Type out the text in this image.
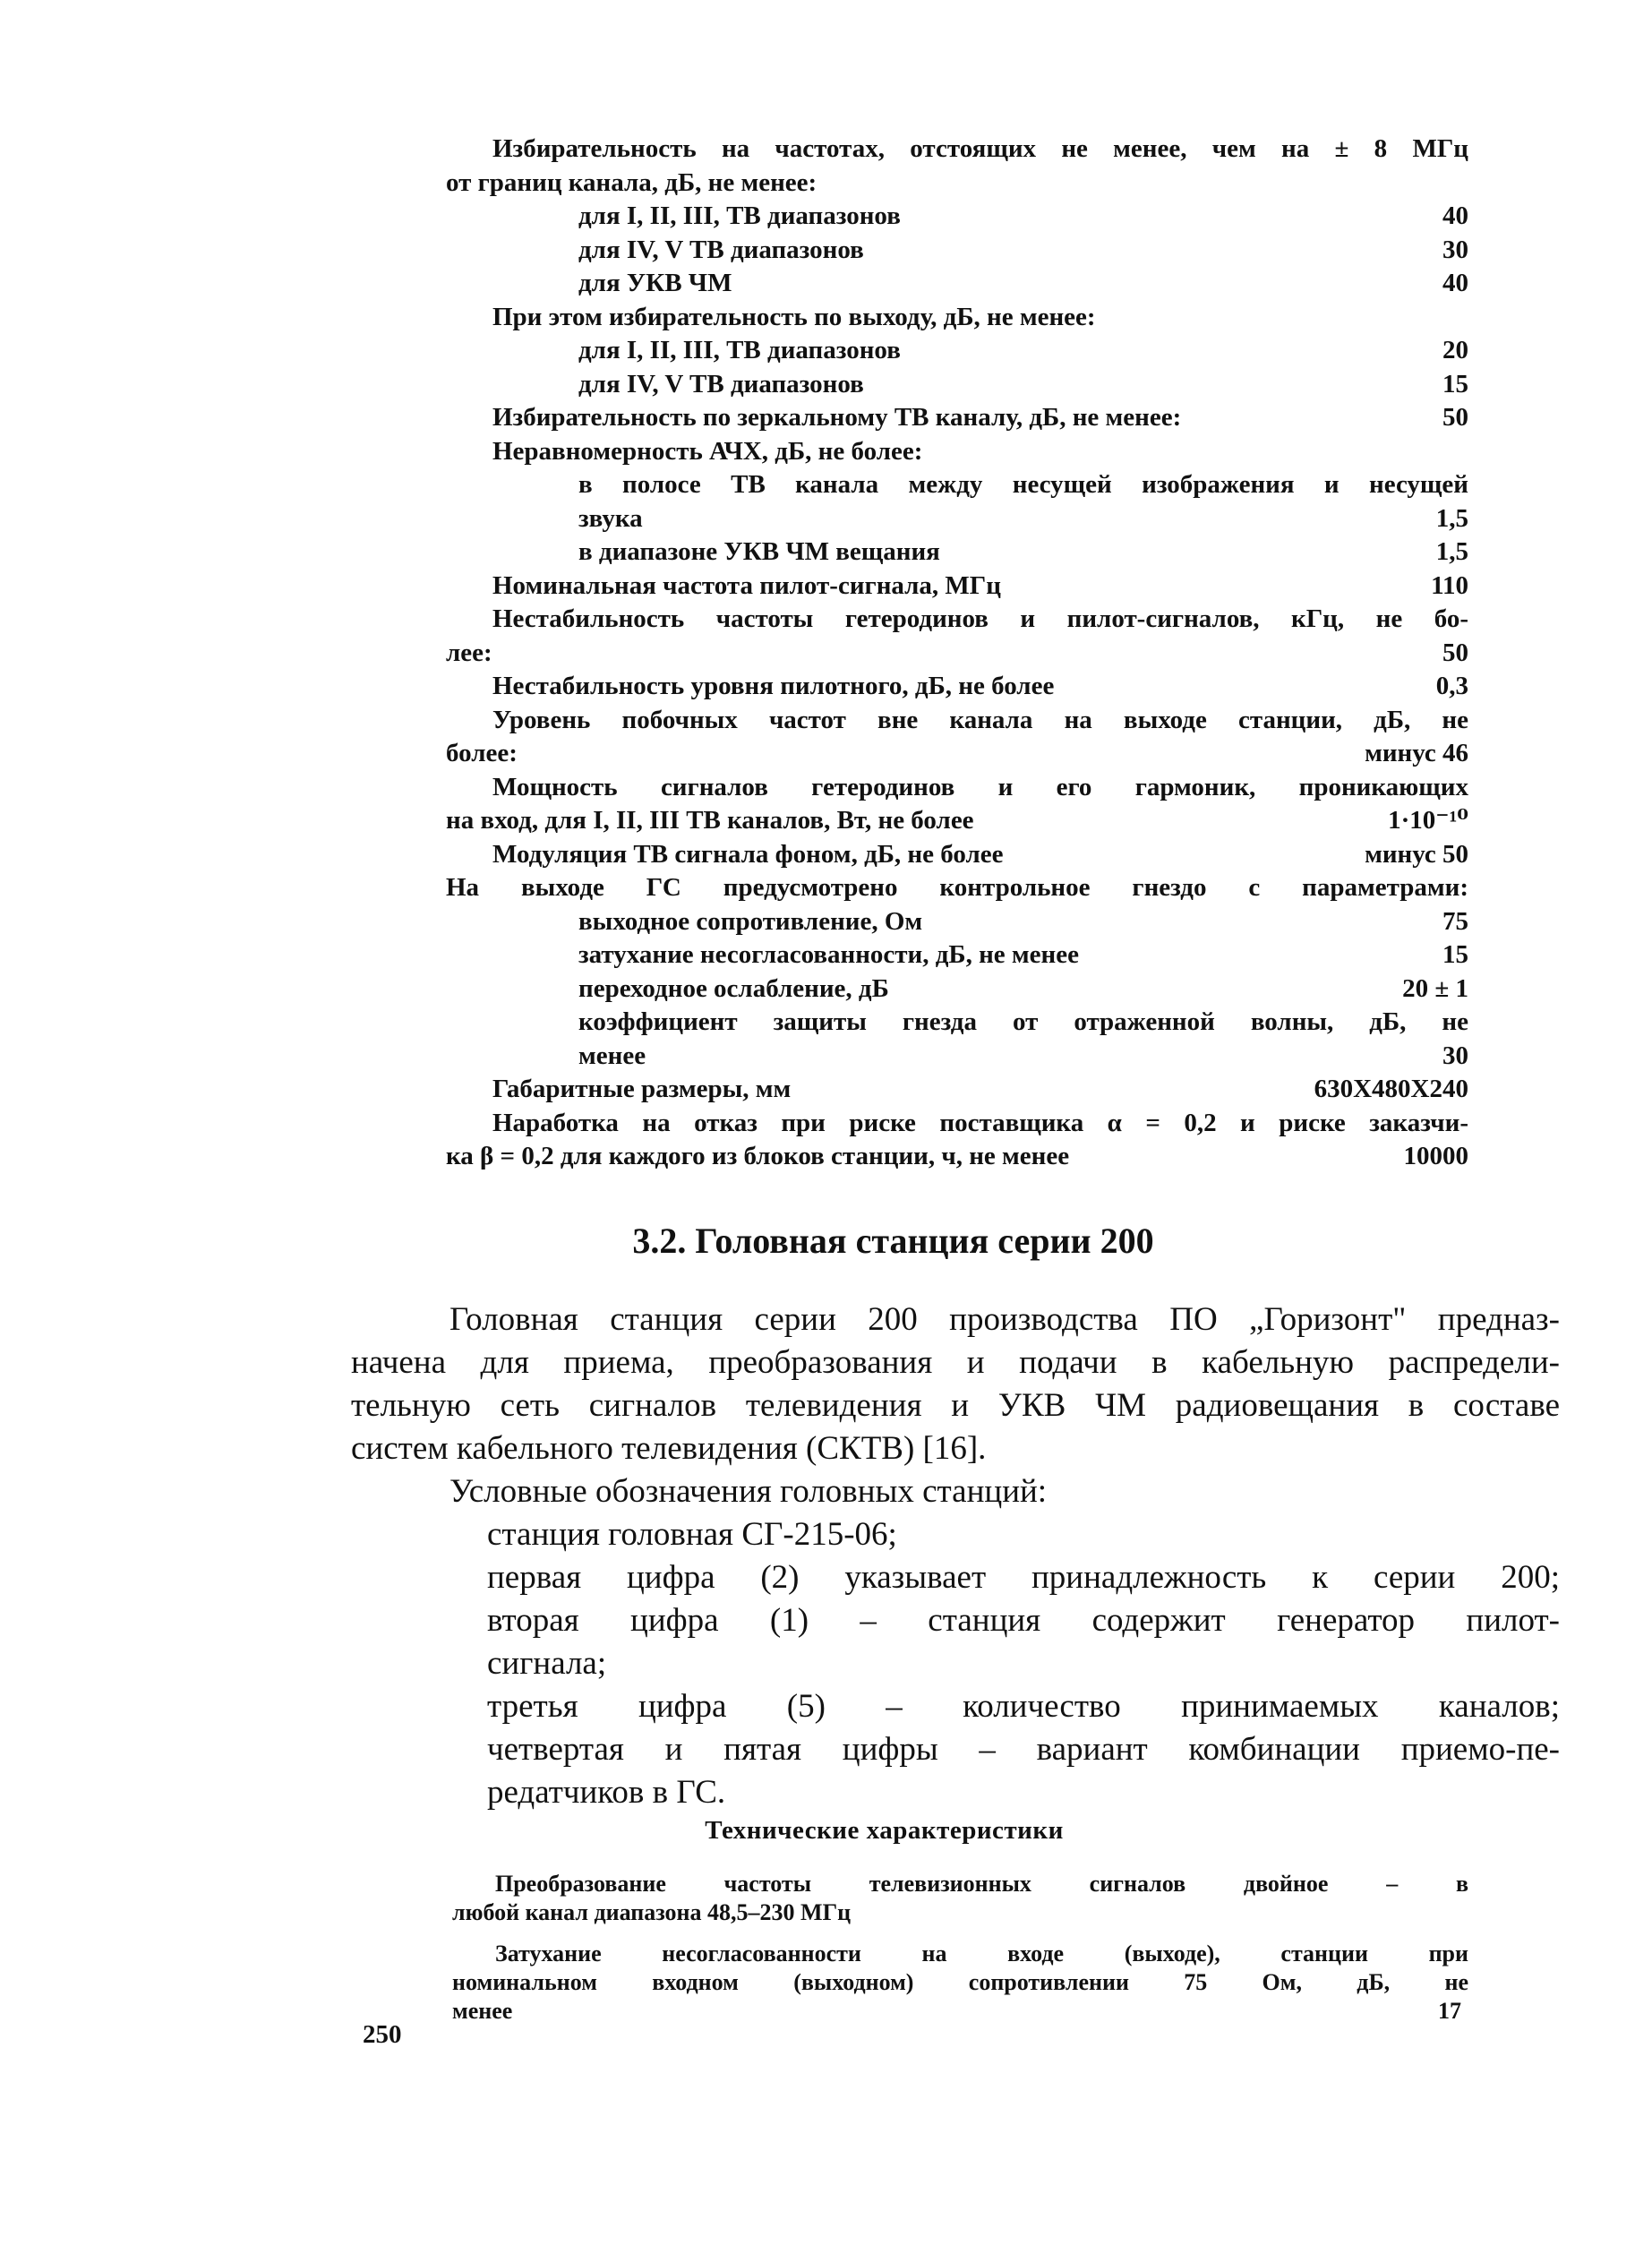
Избирательность на частотах, отстоящих не менее, чем на ± 8 МГц
от границ канала, дБ, не менее:
для I, II, III, ТВ диапазонов	40
для IV, V ТВ диапазонов	30
для УКВ ЧМ	40
При этом избирательность по выходу, дБ, не менее:
для I, II, III, ТВ диапазонов	20
для IV, V ТВ диапазонов	15
Избирательность по зеркальному ТВ каналу, дБ, не менее:	50
Неравномерность АЧХ, дБ, не более:
в полосе ТВ канала между несущей изображения и несущей
звука	1,5
в диапазоне УКВ ЧМ вещания	1,5
Номинальная частота пилот-сигнала, МГц	110
Нестабильность частоты гетеродинов и пилот-сигналов, кГц, не бо-
лее:	50
Нестабильность уровня пилотного, дБ, не более	0,3
Уровень побочных частот вне канала на выходе станции, дБ, не
более:	минус 46
Мощность сигналов гетеродинов и его гармоник, проникающих
на вход, для I, II, III ТВ каналов, Вт, не более	1·10⁻¹⁰
Модуляция ТВ сигнала фоном, дБ, не более	минус 50
На выходе ГС предусмотрено контрольное гнездо с параметрами:
выходное сопротивление, Ом	75
затухание несогласованности, дБ, не менее	15
переходное ослабление, дБ	20 ± 1
коэффициент защиты гнезда от отраженной волны, дБ, не
менее	30
Габаритные размеры, мм	630Х480Х240
Наработка на отказ при риске поставщика α = 0,2 и риске заказчи-
ка β = 0,2 для каждого из блоков станции, ч, не менее	10000
3.2. Головная станция серии 200
Головная станция серии 200 производства ПО „Горизонт" предназ-
начена для приема, преобразования и подачи в кабельную распредели-
тельную сеть сигналов телевидения и УКВ ЧМ радиовещания в составе
систем кабельного телевидения (СКТВ) [16].
Условные обозначения головных станций:
станция головная СГ-215-06;
первая цифра (2) указывает принадлежность к серии 200;
вторая цифра (1) – станция содержит генератор пилот-
сигнала;
третья цифра (5) – количество принимаемых каналов;
четвертая и пятая цифры – вариант комбинации приемо-пе-
редатчиков в ГС.
Технические характеристики
Преобразование частоты телевизионных сигналов двойное – в
любой канал диапазона 48,5–230 МГц
Затухание несогласованности на входе (выходе), станции при
номинальном входном (выходном) сопротивлении 75 Ом, дБ, не
менее	17
250
